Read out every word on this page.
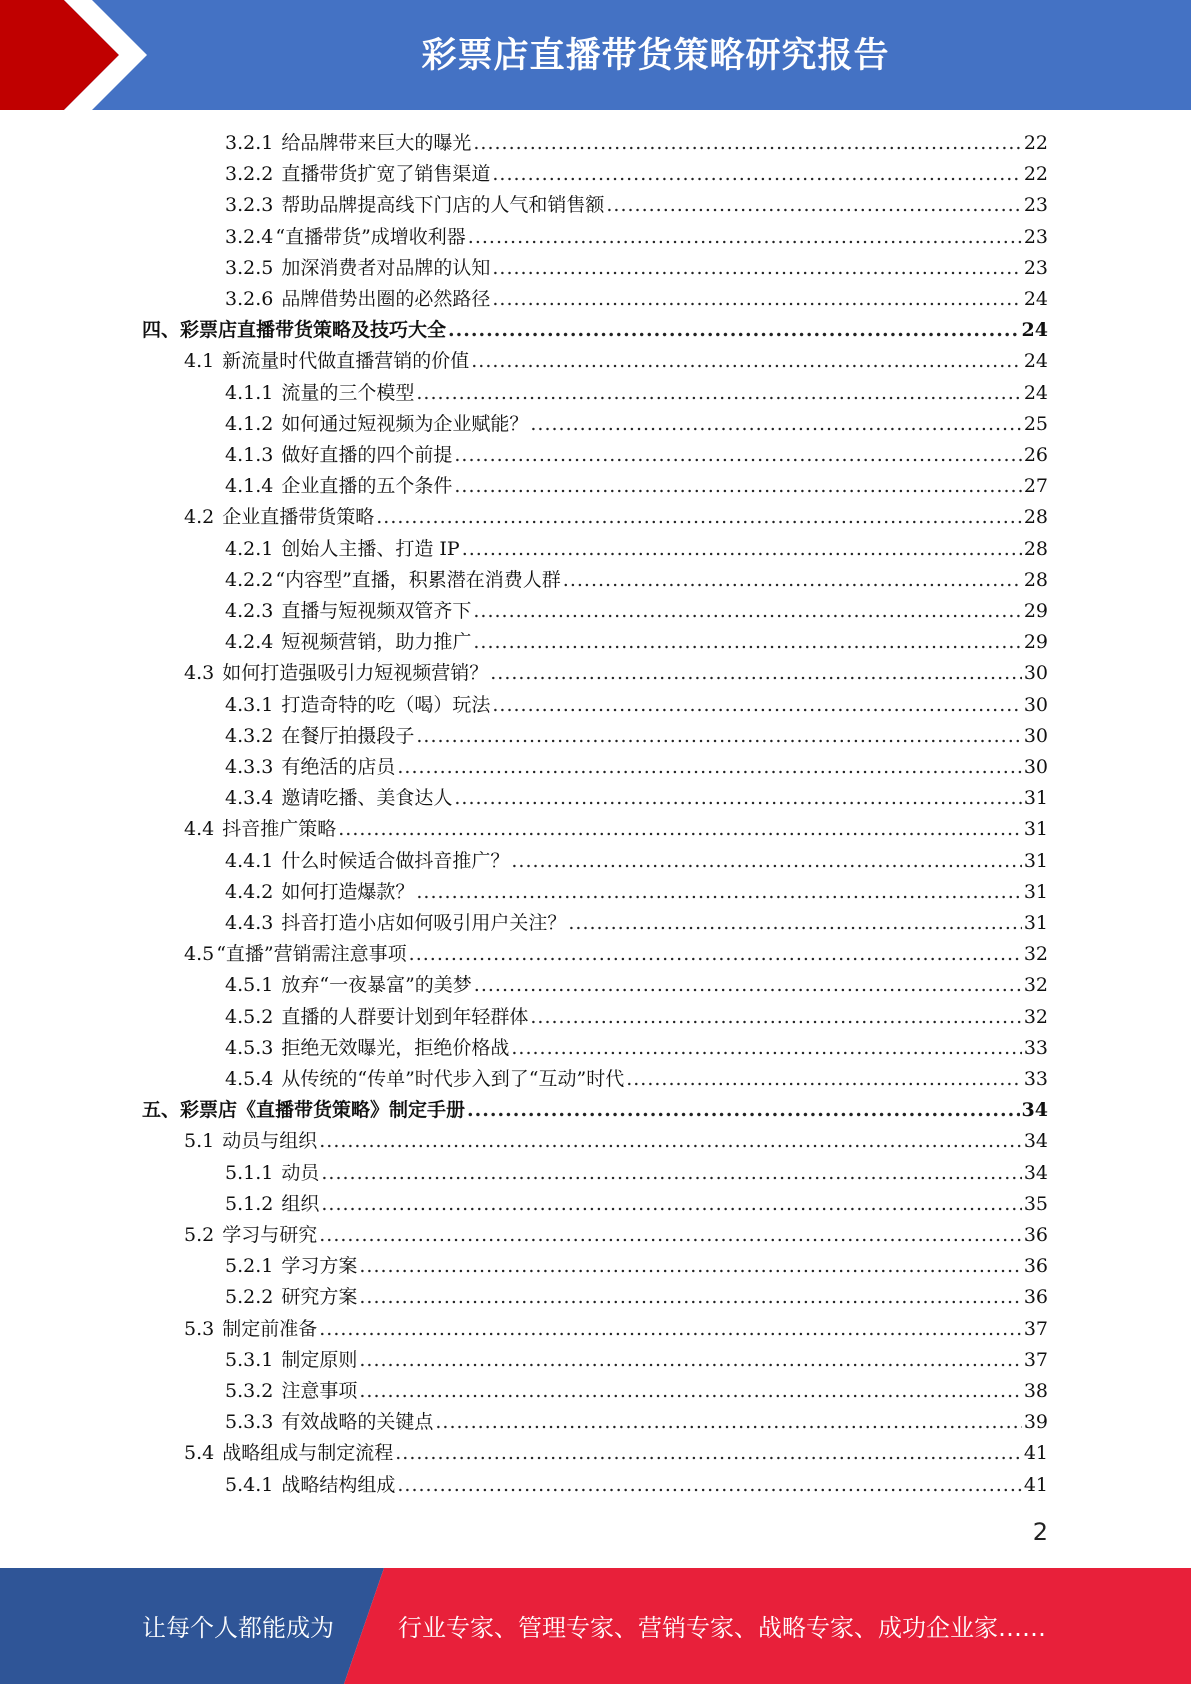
彩票店直播带货策略研究报告
3.2.1 给品牌带来巨大的曝光 .....	22
3.2.2 直播带货扩宽了销售渠道 .....	22
3.2.3 帮助品牌提高线下门店的人气和销售额 .....	23
3.2.4 “直播带货”成增收利器 .....	23
3.2.5 加深消费者对品牌的认知 .....	23
3.2.6 品牌借势出圈的必然路径 .....	24
四、彩票店直播带货策略及技巧大全 .....	24
4.1 新流量时代做直播营销的价值 .....	24
4.1.1 流量的三个模型 .....	24
4.1.2 如何通过短视频为企业赋能？ .....	25
4.1.3 做好直播的四个前提 .....	26
4.1.4 企业直播的五个条件 .....	27
4.2 企业直播带货策略 .....	28
4.2.1 创始人主播、打造 IP .....	28
4.2.2 “内容型”直播，积累潜在消费人群 .....	28
4.2.3 直播与短视频双管齐下 .....	29
4.2.4 短视频营销，助力推广 .....	29
4.3 如何打造强吸引力短视频营销？ .....	30
4.3.1 打造奇特的吃（喝）玩法 .....	30
4.3.2 在餐厅拍摄段子 .....	30
4.3.3 有绝活的店员 .....	30
4.3.4 邀请吃播、美食达人 .....	31
4.4 抖音推广策略 .....	31
4.4.1 什么时候适合做抖音推广？ .....	31
4.4.2 如何打造爆款？ .....	31
4.4.3 抖音打造小店如何吸引用户关注？ .....	31
4.5 “直播”营销需注意事项 .....	32
4.5.1 放弃“一夜暴富”的美梦 .....	32
4.5.2 直播的人群要计划到年轻群体 .....	32
4.5.3 拒绝无效曝光，拒绝价格战 .....	33
4.5.4 从传统的“传单”时代步入到了“互动”时代 .....	33
五、彩票店《直播带货策略》制定手册 .....	34
5.1 动员与组织 .....	34
5.1.1 动员 .....	34
5.1.2 组织 .....	35
5.2 学习与研究 .....	36
5.2.1 学习方案 .....	36
5.2.2 研究方案 .....	36
5.3 制定前准备 .....	37
5.3.1 制定原则 .....	37
5.3.2 注意事项 .....	38
5.3.3 有效战略的关键点 .....	39
5.4 战略组成与制定流程 .....	41
5.4.1 战略结构组成 .....	41
2
让每个人都能成为	行业专家、管理专家、营销专家、战略专家、成功企业家……
